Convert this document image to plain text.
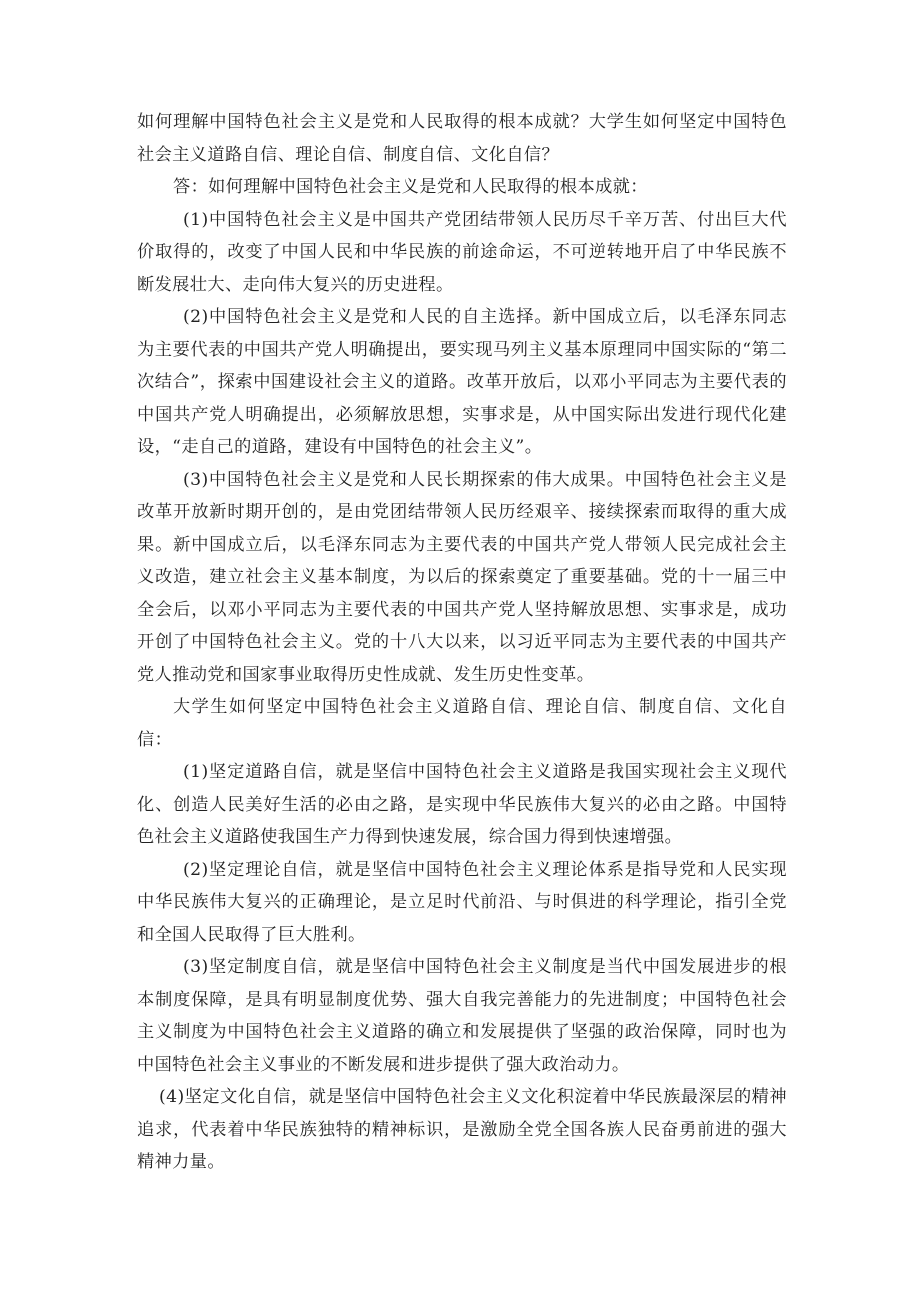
如何理解中国特色社会主义是党和人民取得的根本成就？大学生如何坚定中国特色社会主义道路自信、理论自信、制度自信、文化自信？

答：如何理解中国特色社会主义是党和人民取得的根本成就：

(1)中国特色社会主义是中国共产党团结带领人民历尽千辛万苦、付出巨大代价取得的，改变了中国人民和中华民族的前途命运，不可逆转地开启了中华民族不断发展壮大、走向伟大复兴的历史进程。

(2)中国特色社会主义是党和人民的自主选择。新中国成立后，以毛泽东同志为主要代表的中国共产党人明确提出，要实现马列主义基本原理同中国实际的“第二次结合”，探索中国建设社会主义的道路。改革开放后，以邓小平同志为主要代表的中国共产党人明确提出，必须解放思想，实事求是，从中国实际出发进行现代化建设，“走自己的道路，建设有中国特色的社会主义”。

(3)中国特色社会主义是党和人民长期探索的伟大成果。中国特色社会主义是改革开放新时期开创的，是由党团结带领人民历经艰辛、接续探索而取得的重大成果。新中国成立后，以毛泽东同志为主要代表的中国共产党人带领人民完成社会主义改造，建立社会主义基本制度，为以后的探索奠定了重要基础。党的十一届三中全会后，以邓小平同志为主要代表的中国共产党人坚持解放思想、实事求是，成功开创了中国特色社会主义。党的十八大以来，以习近平同志为主要代表的中国共产党人推动党和国家事业取得历史性成就、发生历史性变革。

大学生如何坚定中国特色社会主义道路自信、理论自信、制度自信、文化自信：

(1)坚定道路自信，就是坚信中国特色社会主义道路是我国实现社会主义现代化、创造人民美好生活的必由之路，是实现中华民族伟大复兴的必由之路。中国特色社会主义道路使我国生产力得到快速发展，综合国力得到快速增强。

(2)坚定理论自信，就是坚信中国特色社会主义理论体系是指导党和人民实现中华民族伟大复兴的正确理论，是立足时代前沿、与时俱进的科学理论，指引全党和全国人民取得了巨大胜利。

(3)坚定制度自信，就是坚信中国特色社会主义制度是当代中国发展进步的根本制度保障，是具有明显制度优势、强大自我完善能力的先进制度；中国特色社会主义制度为中国特色社会主义道路的确立和发展提供了坚强的政治保障，同时也为中国特色社会主义事业的不断发展和进步提供了强大政治动力。

(4)坚定文化自信，就是坚信中国特色社会主义文化积淀着中华民族最深层的精神追求，代表着中华民族独特的精神标识，是激励全党全国各族人民奋勇前进的强大精神力量。
